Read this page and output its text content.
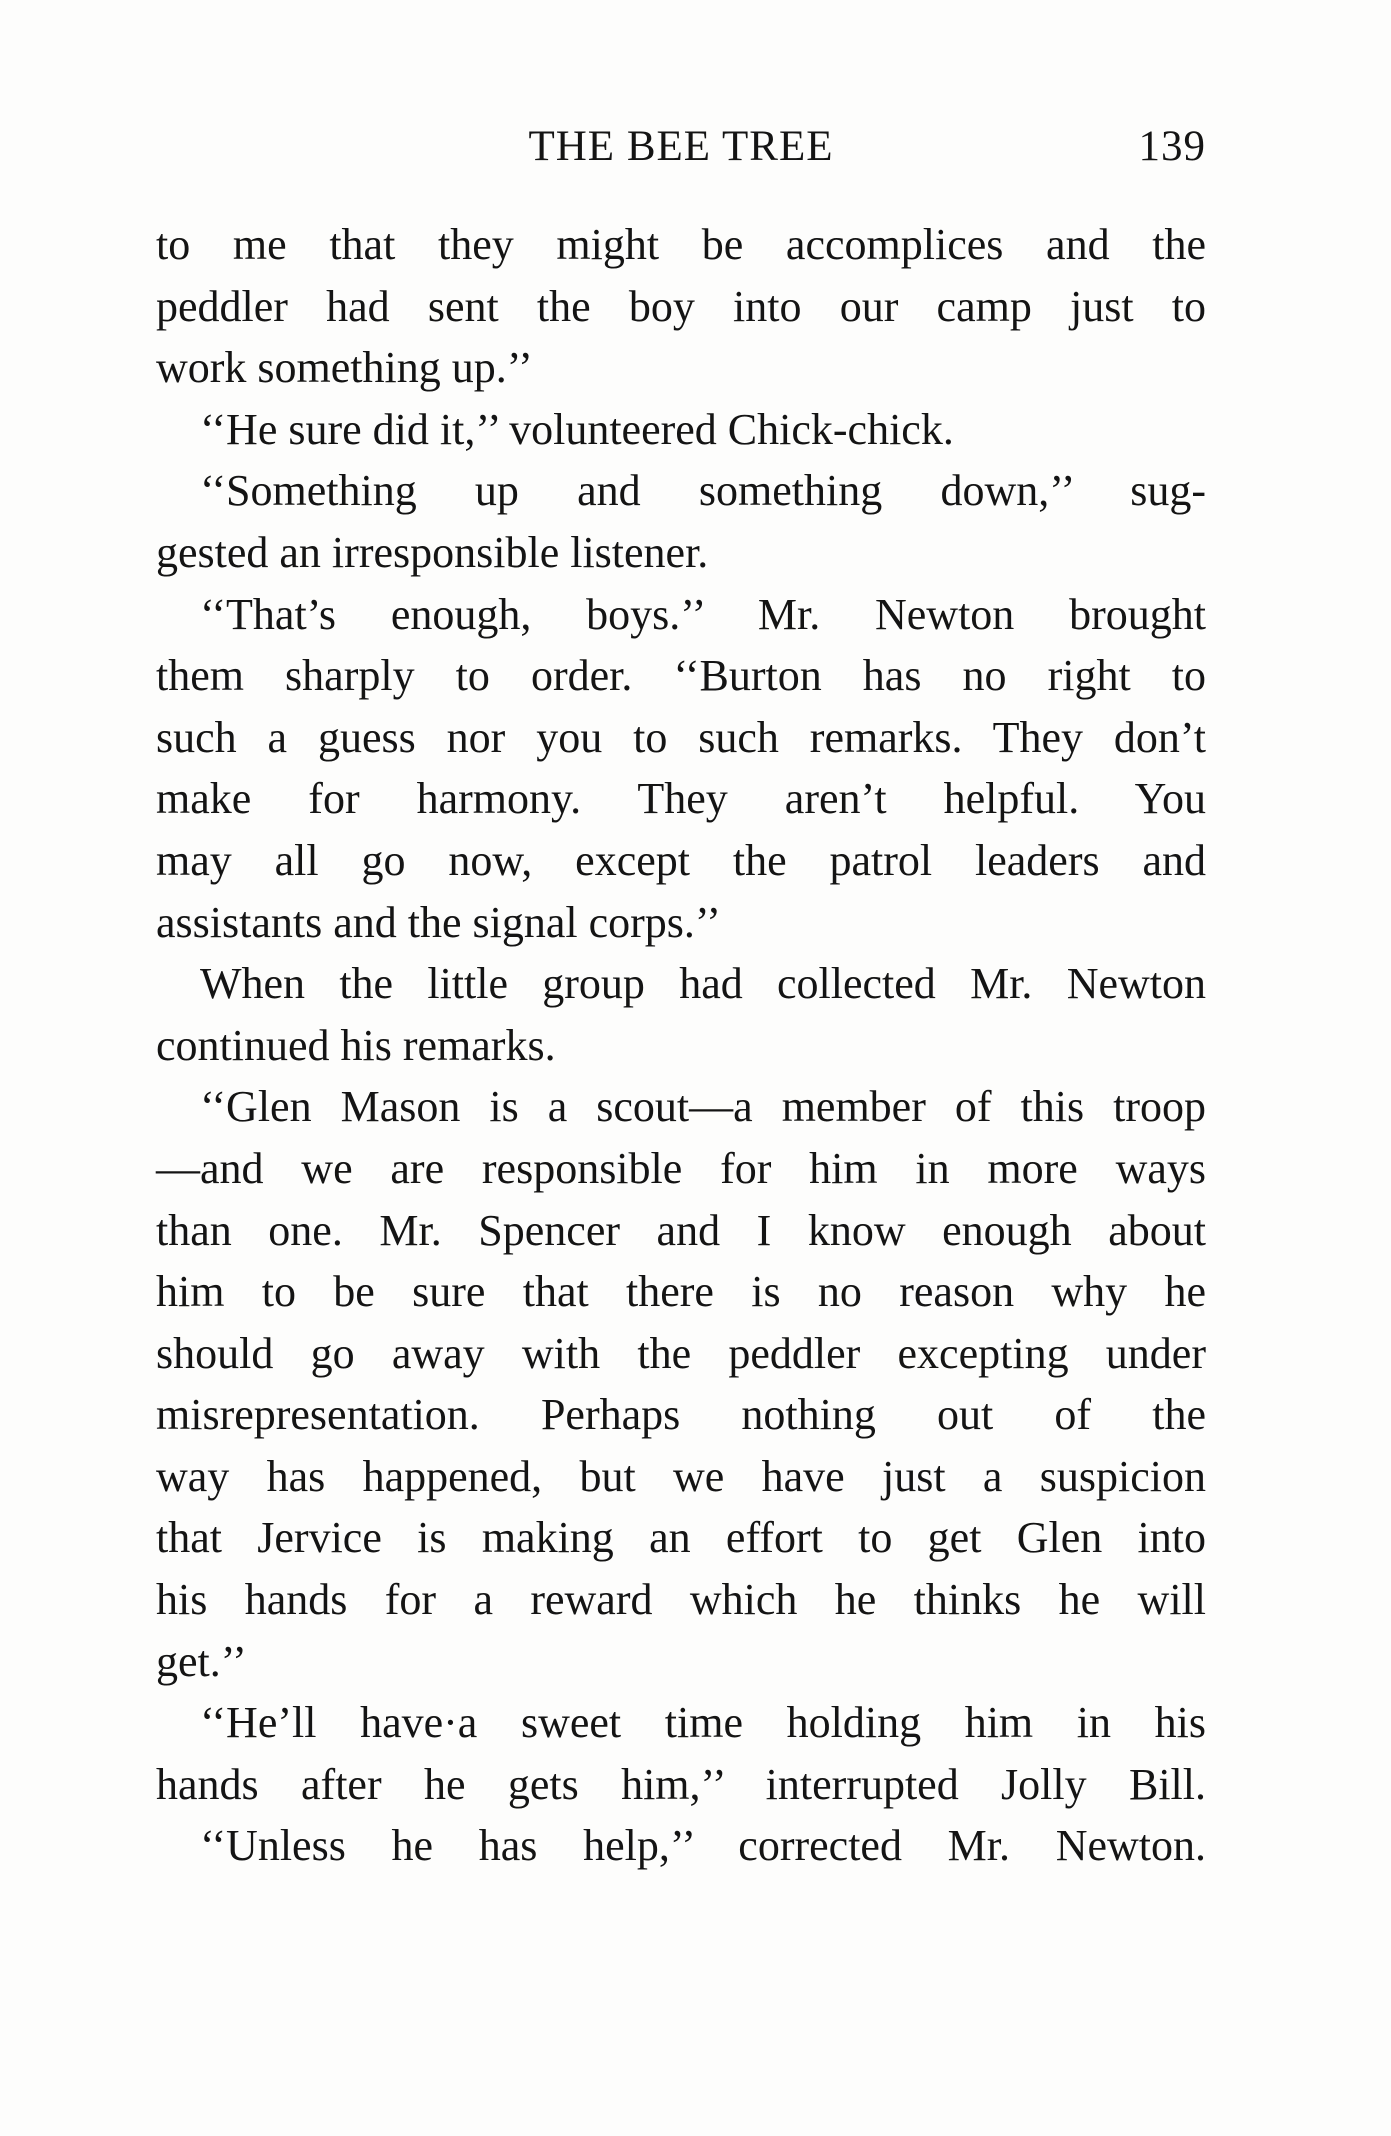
THE BEE TREE	139
to me that they might be accomplices and the
peddler had sent the boy into our camp just to
work something up.’’
‘‘He sure did it,’’ volunteered Chick-chick.
‘‘Something up and something down,’’ sug-
gested an irresponsible listener.
‘‘That’s enough, boys.’’ Mr. Newton brought
them sharply to order. ‘‘Burton has no right to
such a guess nor you to such remarks. They don’t
make for harmony. They aren’t helpful. You
may all go now, except the patrol leaders and
assistants and the signal corps.’’
When the little group had collected Mr. Newton
continued his remarks.
‘‘Glen Mason is a scout—a member of this troop
—and we are responsible for him in more ways
than one. Mr. Spencer and I know enough about
him to be sure that there is no reason why he
should go away with the peddler excepting under
misrepresentation. Perhaps nothing out of the
way has happened, but we have just a suspicion
that Jervice is making an effort to get Glen into
his hands for a reward which he thinks he will
get.’’
‘‘He’ll have·a sweet time holding him in his
hands after he gets him,’’ interrupted Jolly Bill.
‘‘Unless he has help,’’ corrected Mr. Newton.
